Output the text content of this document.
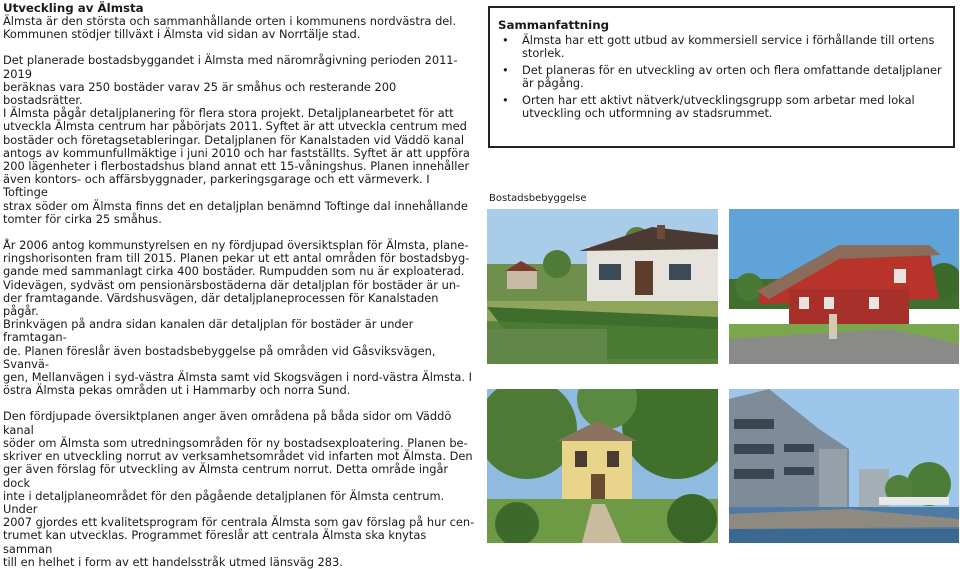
Utveckling av Älmsta

Älmsta är den största och sammanhållande orten i kommunens nordvästra del.

Kommunen stödjer tillväxt i Älmsta vid sidan av Norrtälje stad.

Det planerade bostadsbyggandet i Älmsta med närområgivning perioden 2011-2019

beräknas vara 250 bostäder varav 25 är småhus och resterande 200 bostadsrätter.

I Älmsta pågår detaljplanering för flera stora projekt. Detaljplanearbetet för att

utveckla Älmsta centrum har påbörjats 2011. Syftet är att utveckla centrum med

bostäder och företagsetableringar. Detaljplanen för Kanalstaden vid Väddö kanal

antogs av kommunfullmäktige i juni 2010 och har fastställts. Syftet är att uppföra

200 lägenheter i flerbostadshus bland annat ett 15-våningshus. Planen innehåller

även kontors- och affärsbyggnader, parkeringsgarage och ett värmeverk. I Toftinge

strax söder om Älmsta finns det en detaljplan benämnd Toftinge dal innehållande

tomter för cirka 25 småhus.

År 2006 antog kommunstyrelsen en ny fördjupad översiktsplan för Älmsta, plane-

ringshorisonten fram till 2015. Planen pekar ut ett antal områden för bostadsbyg-

gande med sammanlagt cirka 400 bostäder. Rumpudden som nu är exploaterad.

Videvägen, sydväst om pensionärsbostäderna där detaljplan för bostäder är un-

der framtagande. Värdshusvägen, där detaljplaneprocessen för Kanalstaden pågår.

Brinkvägen på andra sidan kanalen där detaljplan för bostäder är under framtagan-

de. Planen föreslår även bostadsbebyggelse på områden vid Gåsviksvägen, Svanvä-

gen, Mellanvägen i syd-västra Älmsta samt vid Skogsvägen i nord-västra Älmsta. I

östra Älmsta pekas områden ut i Hammarby och norra Sund.

Den fördjupade översiktplanen anger även områdena på båda sidor om Väddö kanal

söder om Älmsta som utredningsområden för ny bostadsexploatering. Planen be-

skriver en utveckling norrut av verksamhetsområdet vid infarten mot Älmsta. Den

ger även förslag för utveckling av Älmsta centrum norrut. Detta område ingår dock

inte i detaljplaneområdet för den pågående detaljplanen för Älmsta centrum. Under

2007 gjordes ett kvalitetsprogram för centrala Älmsta som gav förslag på hur cen-

trumet kan utvecklas. Programmet föreslår att centrala Älmsta ska knytas samman

till en helhet i form av ett handelsstråk utmed länsväg 283.

Sammanfattning
• Älmsta har ett gott utbud av kommersiell service i förhållande till ortens storlek.
• Det planeras för en utveckling av orten och flera omfattande detaljplaner är pågång.
• Orten har ett aktivt nätverk/utvecklingsgrupp som arbetar med lokal utveckling och utformning av stadsrummet.
Bostadsbebyggelse
